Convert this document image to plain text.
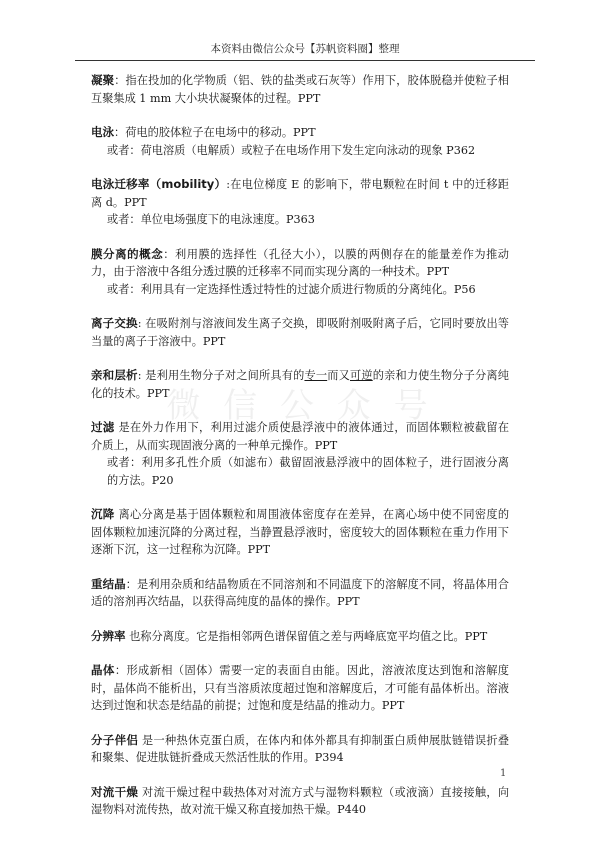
本资料由微信公众号【苏帆资料圈】整理
微 信 公 众 号
凝聚：指在投加的化学物质（铝、铁的盐类或石灰等）作用下，胶体脱稳并使粒子相互聚集成 1 mm 大小块状凝聚体的过程。PPT
电泳：荷电的胶体粒子在电场中的移动。PPT
或者：荷电溶质（电解质）或粒子在电场作用下发生定向泳动的现象 P362
电泳迁移率（mobility）:在电位梯度 E 的影响下，带电颗粒在时间 t 中的迁移距离 d。PPT
或者：单位电场强度下的电泳速度。P363
膜分离的概念：利用膜的选择性（孔径大小），以膜的两侧存在的能量差作为推动力，由于溶液中各组分透过膜的迁移率不同而实现分离的一种技术。PPT
或者：利用具有一定选择性透过特性的过滤介质进行物质的分离纯化。P56
离子交换: 在吸附剂与溶液间发生离子交换，即吸附剂吸附离子后，它同时要放出等当量的离子于溶液中。PPT
亲和层析: 是利用生物分子对之间所具有的专一而又可逆的亲和力使生物分子分离纯化的技术。PPT
过滤 是在外力作用下，利用过滤介质使悬浮液中的液体通过，而固体颗粒被截留在介质上，从而实现固液分离的一种单元操作。PPT
或者：利用多孔性介质（如滤布）截留固液悬浮液中的固体粒子，进行固液分离的方法。P20
沉降 离心分离是基于固体颗粒和周围液体密度存在差异，在离心场中使不同密度的固体颗粒加速沉降的分离过程，当静置悬浮液时，密度较大的固体颗粒在重力作用下逐渐下沉，这一过程称为沉降。PPT
重结晶：是利用杂质和结晶物质在不同溶剂和不同温度下的溶解度不同，将晶体用合适的溶剂再次结晶，以获得高纯度的晶体的操作。PPT
分辨率 也称分离度。它是指相邻两色谱保留值之差与两峰底宽平均值之比。PPT
晶体：形成新相（固体）需要一定的表面自由能。因此，溶液浓度达到饱和溶解度时，晶体尚不能析出，只有当溶质浓度超过饱和溶解度后，才可能有晶体析出。溶液达到过饱和状态是结晶的前提；过饱和度是结晶的推动力。PPT
分子伴侣 是一种热休克蛋白质，在体内和体外都具有抑制蛋白质伸展肽链错误折叠和聚集、促进肽链折叠成天然活性肽的作用。P394
对流干燥 对流干燥过程中载热体对对流方式与湿物料颗粒（或液滴）直接接触，向湿物料对流传热，故对流干燥又称直接加热干燥。P440
1
